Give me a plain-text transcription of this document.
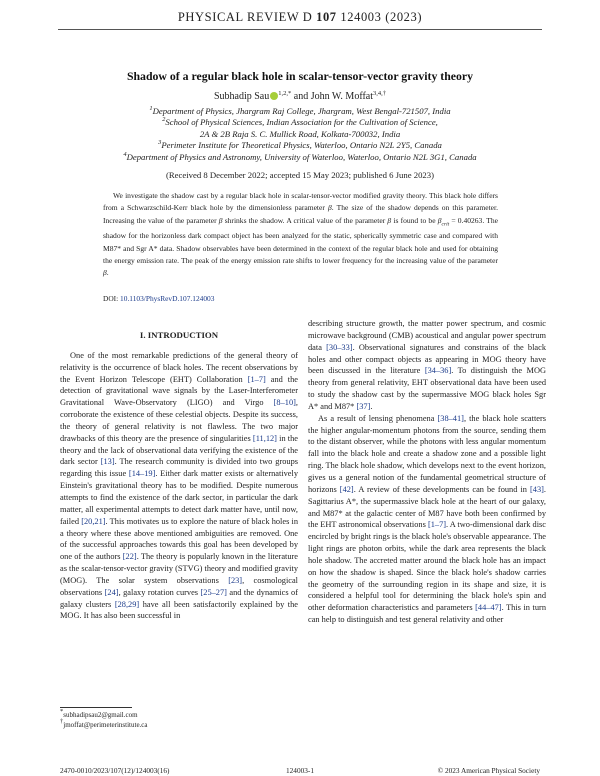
PHYSICAL REVIEW D 107 124003 (2023)
Shadow of a regular black hole in scalar-tensor-vector gravity theory
Subhadip Sau $^{1,2,*}$ and John W. Moffat$^{3,4,\dagger}$
$^1$Department of Physics, Jhargram Raj College, Jhargram, West Bengal-721507, India
$^2$School of Physical Sciences, Indian Association for the Cultivation of Science,
2A & 2B Raja S. C. Mullick Road, Kolkata-700032, India
$^3$Perimeter Institute for Theoretical Physics, Waterloo, Ontario N2L 2Y5, Canada
$^4$Department of Physics and Astronomy, University of Waterloo, Waterloo, Ontario N2L 3G1, Canada
(Received 8 December 2022; accepted 15 May 2023; published 6 June 2023)
We investigate the shadow cast by a regular black hole in scalar-tensor-vector modified gravity theory. This black hole differs from a Schwarzschild-Kerr black hole by the dimensionless parameter β. The size of the shadow depends on this parameter. Increasing the value of the parameter β shrinks the shadow. A critical value of the parameter β is found to be $\beta_{crit} = 0.40263$. The shadow for the horizonless dark compact object has been analyzed for the static, spherically symmetric case and compared with M87* and Sgr A* data. Shadow observables have been determined in the context of the regular black hole and used for obtaining the energy emission rate. The peak of the energy emission rate shifts to lower frequency for the increasing value of the parameter β.
DOI: 10.1103/PhysRevD.107.124003
I. INTRODUCTION

One of the most remarkable predictions of the general theory of relativity is the occurrence of black holes. The recent observations by the Event Horizon Telescope (EHT) Collaboration [1–7] and the detection of gravitational wave signals by the Laser-Interferometer Gravitational Wave-Observatory (LIGO) and Virgo [8–10], corroborate the existence of these celestial objects. Despite its success, the theory of general relativity is not flawless. The two major drawbacks of this theory are the presence of singularities [11,12] in the theory and the lack of observational data verifying the existence of the dark sector [13]. The research community is divided into two groups regarding this issue [14–19]. Either dark matter exists or alternatively Einstein's gravitational theory has to be modified. Despite numerous attempts to find the existence of the dark sector, in particular the dark matter, all experimental attempts to detect dark matter have, until now, failed [20,21]. This motivates us to explore the nature of black holes in a theory where these above mentioned ambiguities are removed. One of the successful approaches towards this goal has been developed by one of the authors [22]. The theory is popularly known in the literature as the scalar-tensor-vector gravity (STVG) theory and modified gravity (MOG). The solar system observations [23], cosmological observations [24], galaxy rotation curves [25–27] and the dynamics of galaxy clusters [28,29] have all been satisfactorily explained by the MOG. It has also been successful in

describing structure growth, the matter power spectrum, and cosmic microwave background (CMB) acoustical and angular power spectrum data [30–33]. Observational signatures and constrains of the black holes and other compact objects as appearing in MOG theory have been discussed in the literature [34–36]. To distinguish the MOG theory from general relativity, EHT observational data have been used to study the shadow cast by the supermassive MOG black holes Sgr A* and M87* [37].

As a result of lensing phenomena [38–41], the black hole scatters the higher angular-momentum photons from the source, sending them to the distant observer, while the photons with less angular momentum fall into the black hole and create a shadow zone and a possible light ring. The black hole shadow, which develops next to the event horizon, gives us a general notion of the fundamental geometrical structure of horizons [42]. A review of these developments can be found in [43]. Sagittarius A*, the supermassive black hole at the heart of our galaxy, and M87* at the galactic center of M87 have both been confirmed by the EHT astronomical observations [1–7]. A two-dimensional dark disc encircled by bright rings is the black hole's observable appearance. The light rings are photon orbits, while the dark area represents the black hole shadow. The accreted matter around the black hole has an impact on how the shadow is shaped. Since the black hole's shadow carries the geometry of the surrounding region in its shape and size, it is considered a helpful tool for determining the black hole's spin and other deformation characteristics and parameters [44–47]. This in turn can help to distinguish and test general relativity and other

*subhadipsau2@gmail.com
†jmoffat@perimeterinstitute.ca
2470-0010/2023/107(12)/124003(16)	124003-1	© 2023 American Physical Society
